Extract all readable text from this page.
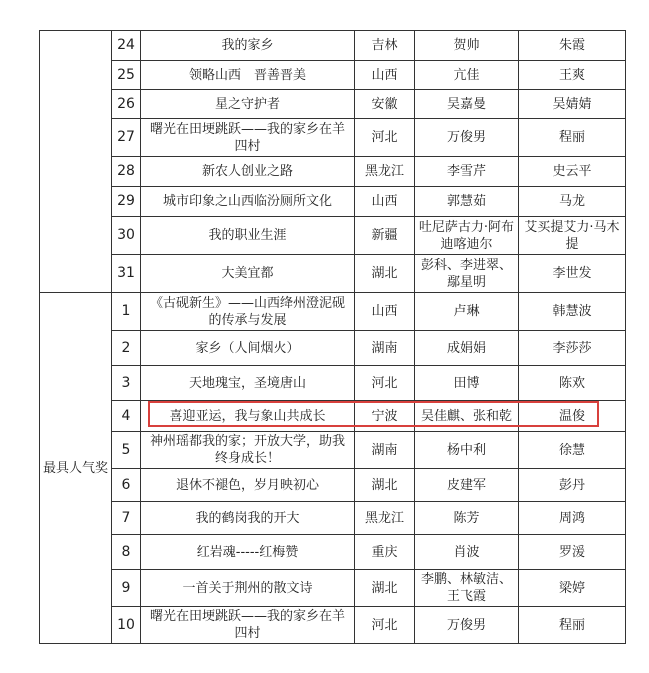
	24	我的家乡	吉林	贺帅	朱霞
	25	领略山西　晋善晋美	山西	亢佳	王爽
	26	星之守护者	安徽	吴嘉曼	吴婧婧
	27	曙光在田埂跳跃——我的家乡在羊四村	河北	万俊男	程丽
	28	新农人创业之路	黑龙江	李雪芹	史云平
	29	城市印象之山西临汾厕所文化	山西	郭慧茹	马龙
	30	我的职业生涯	新疆	吐尼萨古力·阿布迪喀迪尔	艾买提艾力·马木提
	31	大美宜都	湖北	彭科、李进翠、鄢星明	李世发
最具人气奖	1	《古砚新生》——山西绛州澄泥砚的传承与发展	山西	卢琳	韩慧波
	2	家乡（人间烟火）	湖南	成娟娟	李莎莎
	3	天地瑰宝，圣境唐山	河北	田博	陈欢
	4	喜迎亚运，我与象山共成长	宁波	吴佳麒、张和乾	温俊
	5	神州瑶都我的家；开放大学，助我终身成长！	湖南	杨中利	徐慧
	6	退休不褪色，岁月映初心	湖北	皮建军	彭丹
	7	我的鹤岗我的开大	黑龙江	陈芳	周鸿
	8	红岩魂-----红梅赞	重庆	肖波	罗湲
	9	一首关于荆州的散文诗	湖北	李鹏、林敏洁、王飞霞	梁婷
	10	曙光在田埂跳跃——我的家乡在羊四村	河北	万俊男	程丽
